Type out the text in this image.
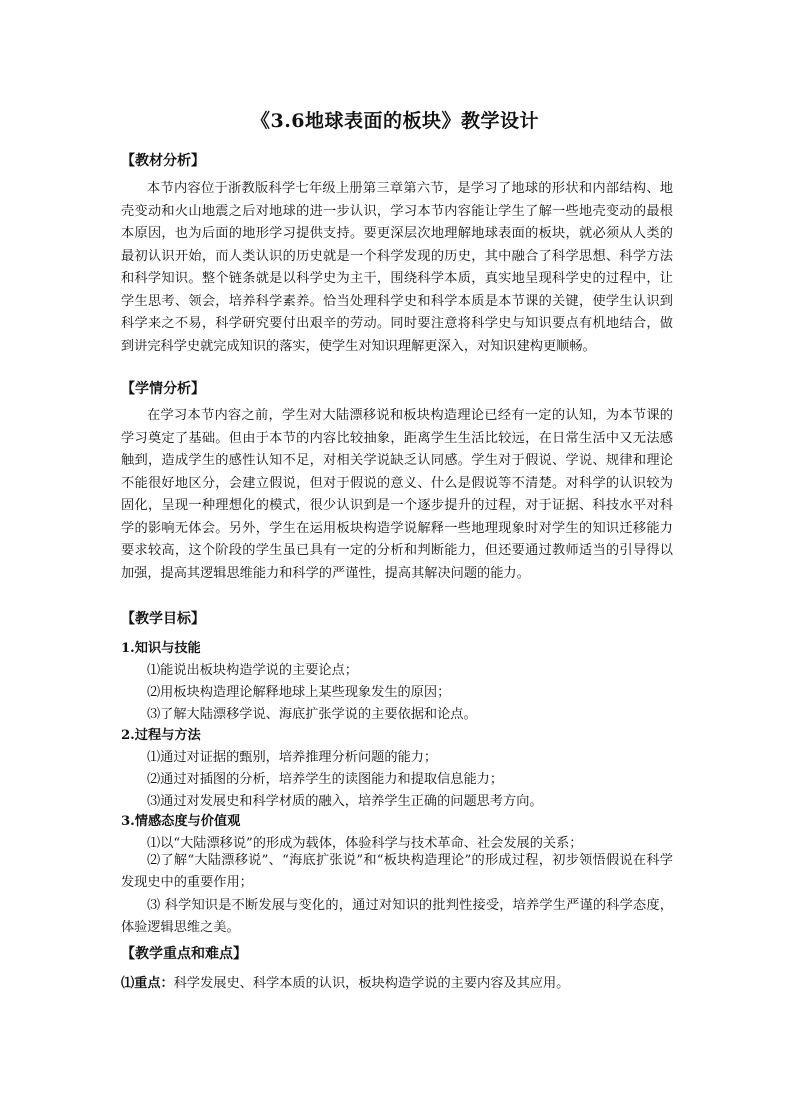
《3.6地球表面的板块》教学设计
【教材分析】

本节内容位于浙教版科学七年级上册第三章第六节，是学习了地球的形状和内部结构、地壳变动和火山地震之后对地球的进一步认识，学习本节内容能让学生了解一些地壳变动的最根本原因，也为后面的地形学习提供支持。要更深层次地理解地球表面的板块，就必须从人类的最初认识开始，而人类认识的历史就是一个科学发现的历史，其中融合了科学思想、科学方法和科学知识。整个链条就是以科学史为主干，围绕科学本质，真实地呈现科学史的过程中，让学生思考、领会，培养科学素养。恰当处理科学史和科学本质是本节课的关键，使学生认识到科学来之不易，科学研究要付出艰辛的劳动。同时要注意将科学史与知识要点有机地结合，做到讲完科学史就完成知识的落实，使学生对知识理解更深入，对知识建构更顺畅。

【学情分析】

在学习本节内容之前，学生对大陆漂移说和板块构造理论已经有一定的认知，为本节课的学习奠定了基础。但由于本节的内容比较抽象，距离学生生活比较远，在日常生活中又无法感触到，造成学生的感性认知不足，对相关学说缺乏认同感。学生对于假说、学说、规律和理论不能很好地区分，会建立假说，但对于假说的意义、什么是假说等不清楚。对科学的认识较为固化，呈现一种理想化的模式，很少认识到是一个逐步提升的过程，对于证据、科技水平对科学的影响无体会。另外，学生在运用板块构造学说解释一些地理现象时对学生的知识迁移能力要求较高，这个阶段的学生虽已具有一定的分析和判断能力，但还要通过教师适当的引导得以加强，提高其逻辑思维能力和科学的严谨性，提高其解决问题的能力。

【教学目标】
1.知识与技能
⑴能说出板块构造学说的主要论点；
⑵用板块构造理论解释地球上某些现象发生的原因；
⑶了解大陆漂移学说、海底扩张学说的主要依据和论点。
2.过程与方法
⑴通过对证据的甄别，培养推理分析问题的能力；
⑵通过对插图的分析，培养学生的读图能力和提取信息能力；
⑶通过对发展史和科学材质的融入，培养学生正确的问题思考方向。
3.情感态度与价值观
⑴以“大陆漂移说”的形成为载体，体验科学与技术革命、社会发展的关系；

⑵了解“大陆漂移说”、“海底扩张说”和“板块构造理论”的形成过程，初步领悟假说在科学发现史中的重要作用；

⑶ 科学知识是不断发展与变化的，通过对知识的批判性接受，培养学生严谨的科学态度，体验逻辑思维之美。

【教学重点和难点】
⑴重点：科学发展史、科学本质的认识，板块构造学说的主要内容及其应用。
